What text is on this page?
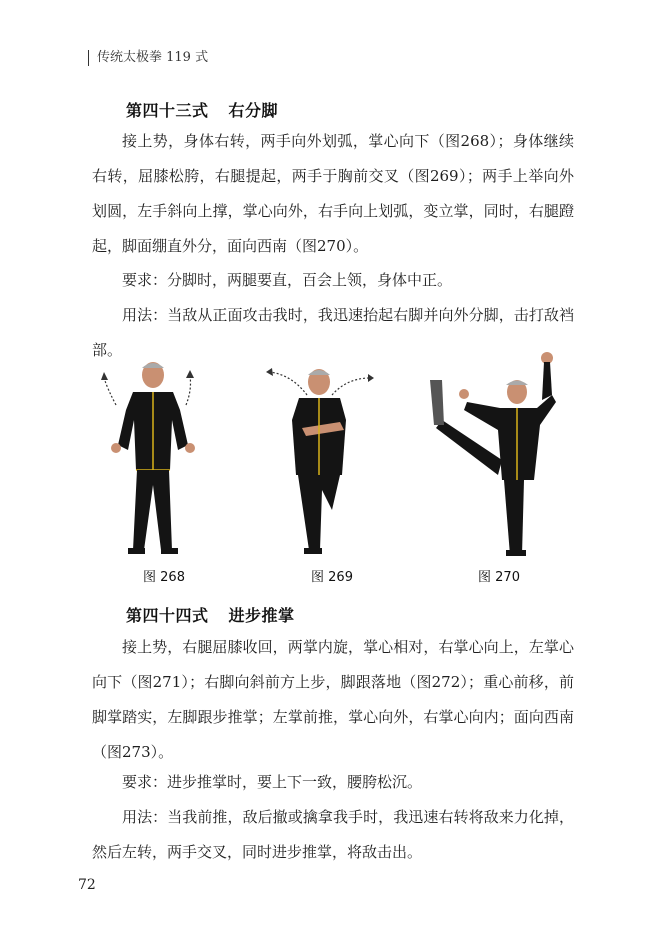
传统太极拳 119 式
第四十三式 右分脚
接上势，身体右转，两手向外划弧，掌心向下（图268）；身体继续右转，屈膝松胯，右腿提起，两手于胸前交叉（图269）；两手上举向外划圆，左手斜向上撑，掌心向外，右手向上划弧，变立掌，同时，右腿蹬起，脚面绷直外分，面向西南（图270）。
要求：分脚时，两腿要直，百会上领，身体中正。
用法：当敌从正面攻击我时，我迅速抬起右脚并向外分脚，击打敌裆部。
图 268	图 269	图 270
第四十四式 进步推掌
接上势，右腿屈膝收回，两掌内旋，掌心相对，右掌心向上，左掌心向下（图271）；右脚向斜前方上步，脚跟落地（图272）；重心前移，前脚掌踏实，左脚跟步推掌；左掌前推，掌心向外，右掌心向内；面向西南（图273）。
要求：进步推掌时，要上下一致，腰胯松沉。
用法：当我前推，敌后撤或擒拿我手时，我迅速右转将敌来力化掉，然后左转，两手交叉，同时进步推掌，将敌击出。
72
